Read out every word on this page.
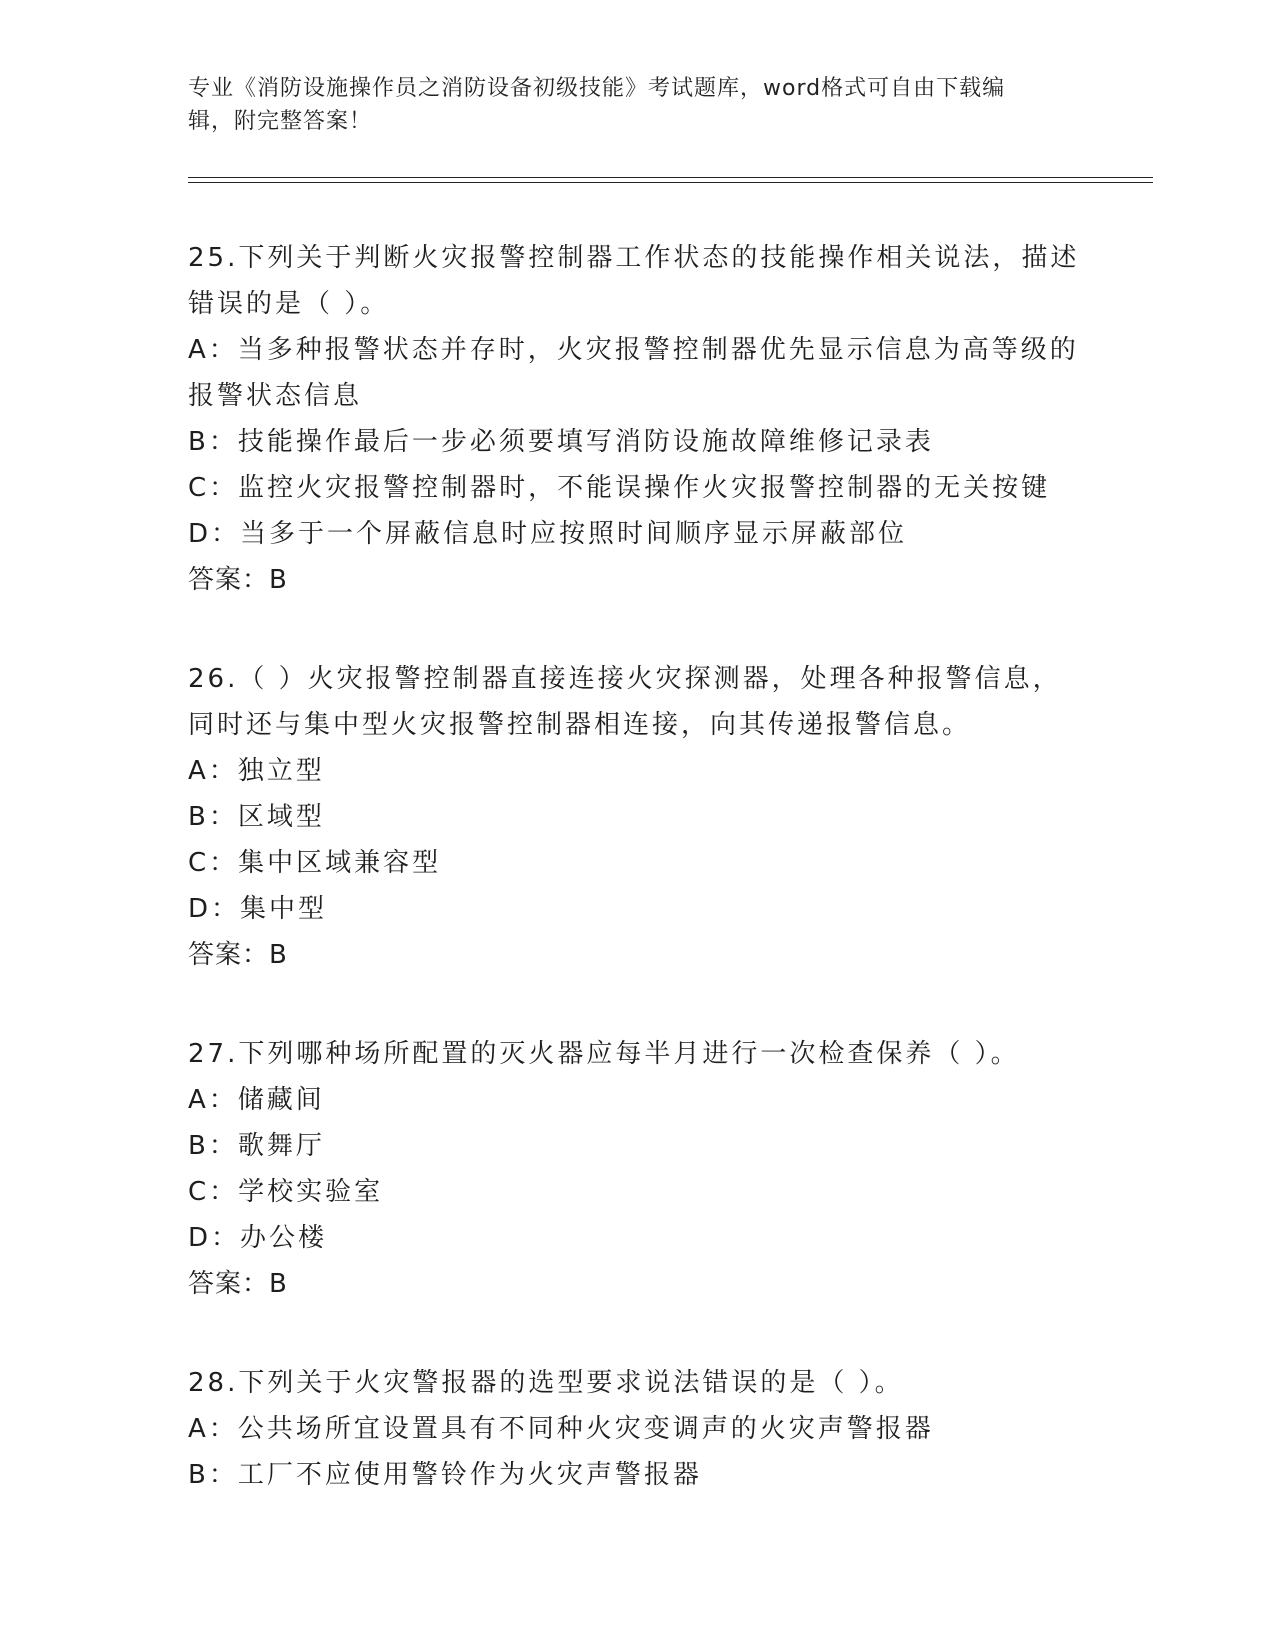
专业《消防设施操作员之消防设备初级技能》考试题库，word格式可自由下载编
辑，附完整答案！
25.下列关于判断火灾报警控制器工作状态的技能操作相关说法，描述
错误的是（ ）。
A：当多种报警状态并存时，火灾报警控制器优先显示信息为高等级的
报警状态信息
B：技能操作最后一步必须要填写消防设施故障维修记录表
C：监控火灾报警控制器时，不能误操作火灾报警控制器的无关按键
D：当多于一个屏蔽信息时应按照时间顺序显示屏蔽部位
答案：B
26.（ ）火灾报警控制器直接连接火灾探测器，处理各种报警信息，
同时还与集中型火灾报警控制器相连接，向其传递报警信息。
A：独立型
B：区域型
C：集中区域兼容型
D：集中型
答案：B
27.下列哪种场所配置的灭火器应每半月进行一次检查保养（ ）。
A：储藏间
B：歌舞厅
C：学校实验室
D：办公楼
答案：B
28.下列关于火灾警报器的选型要求说法错误的是（ ）。
A：公共场所宜设置具有不同种火灾变调声的火灾声警报器
B：工厂不应使用警铃作为火灾声警报器
